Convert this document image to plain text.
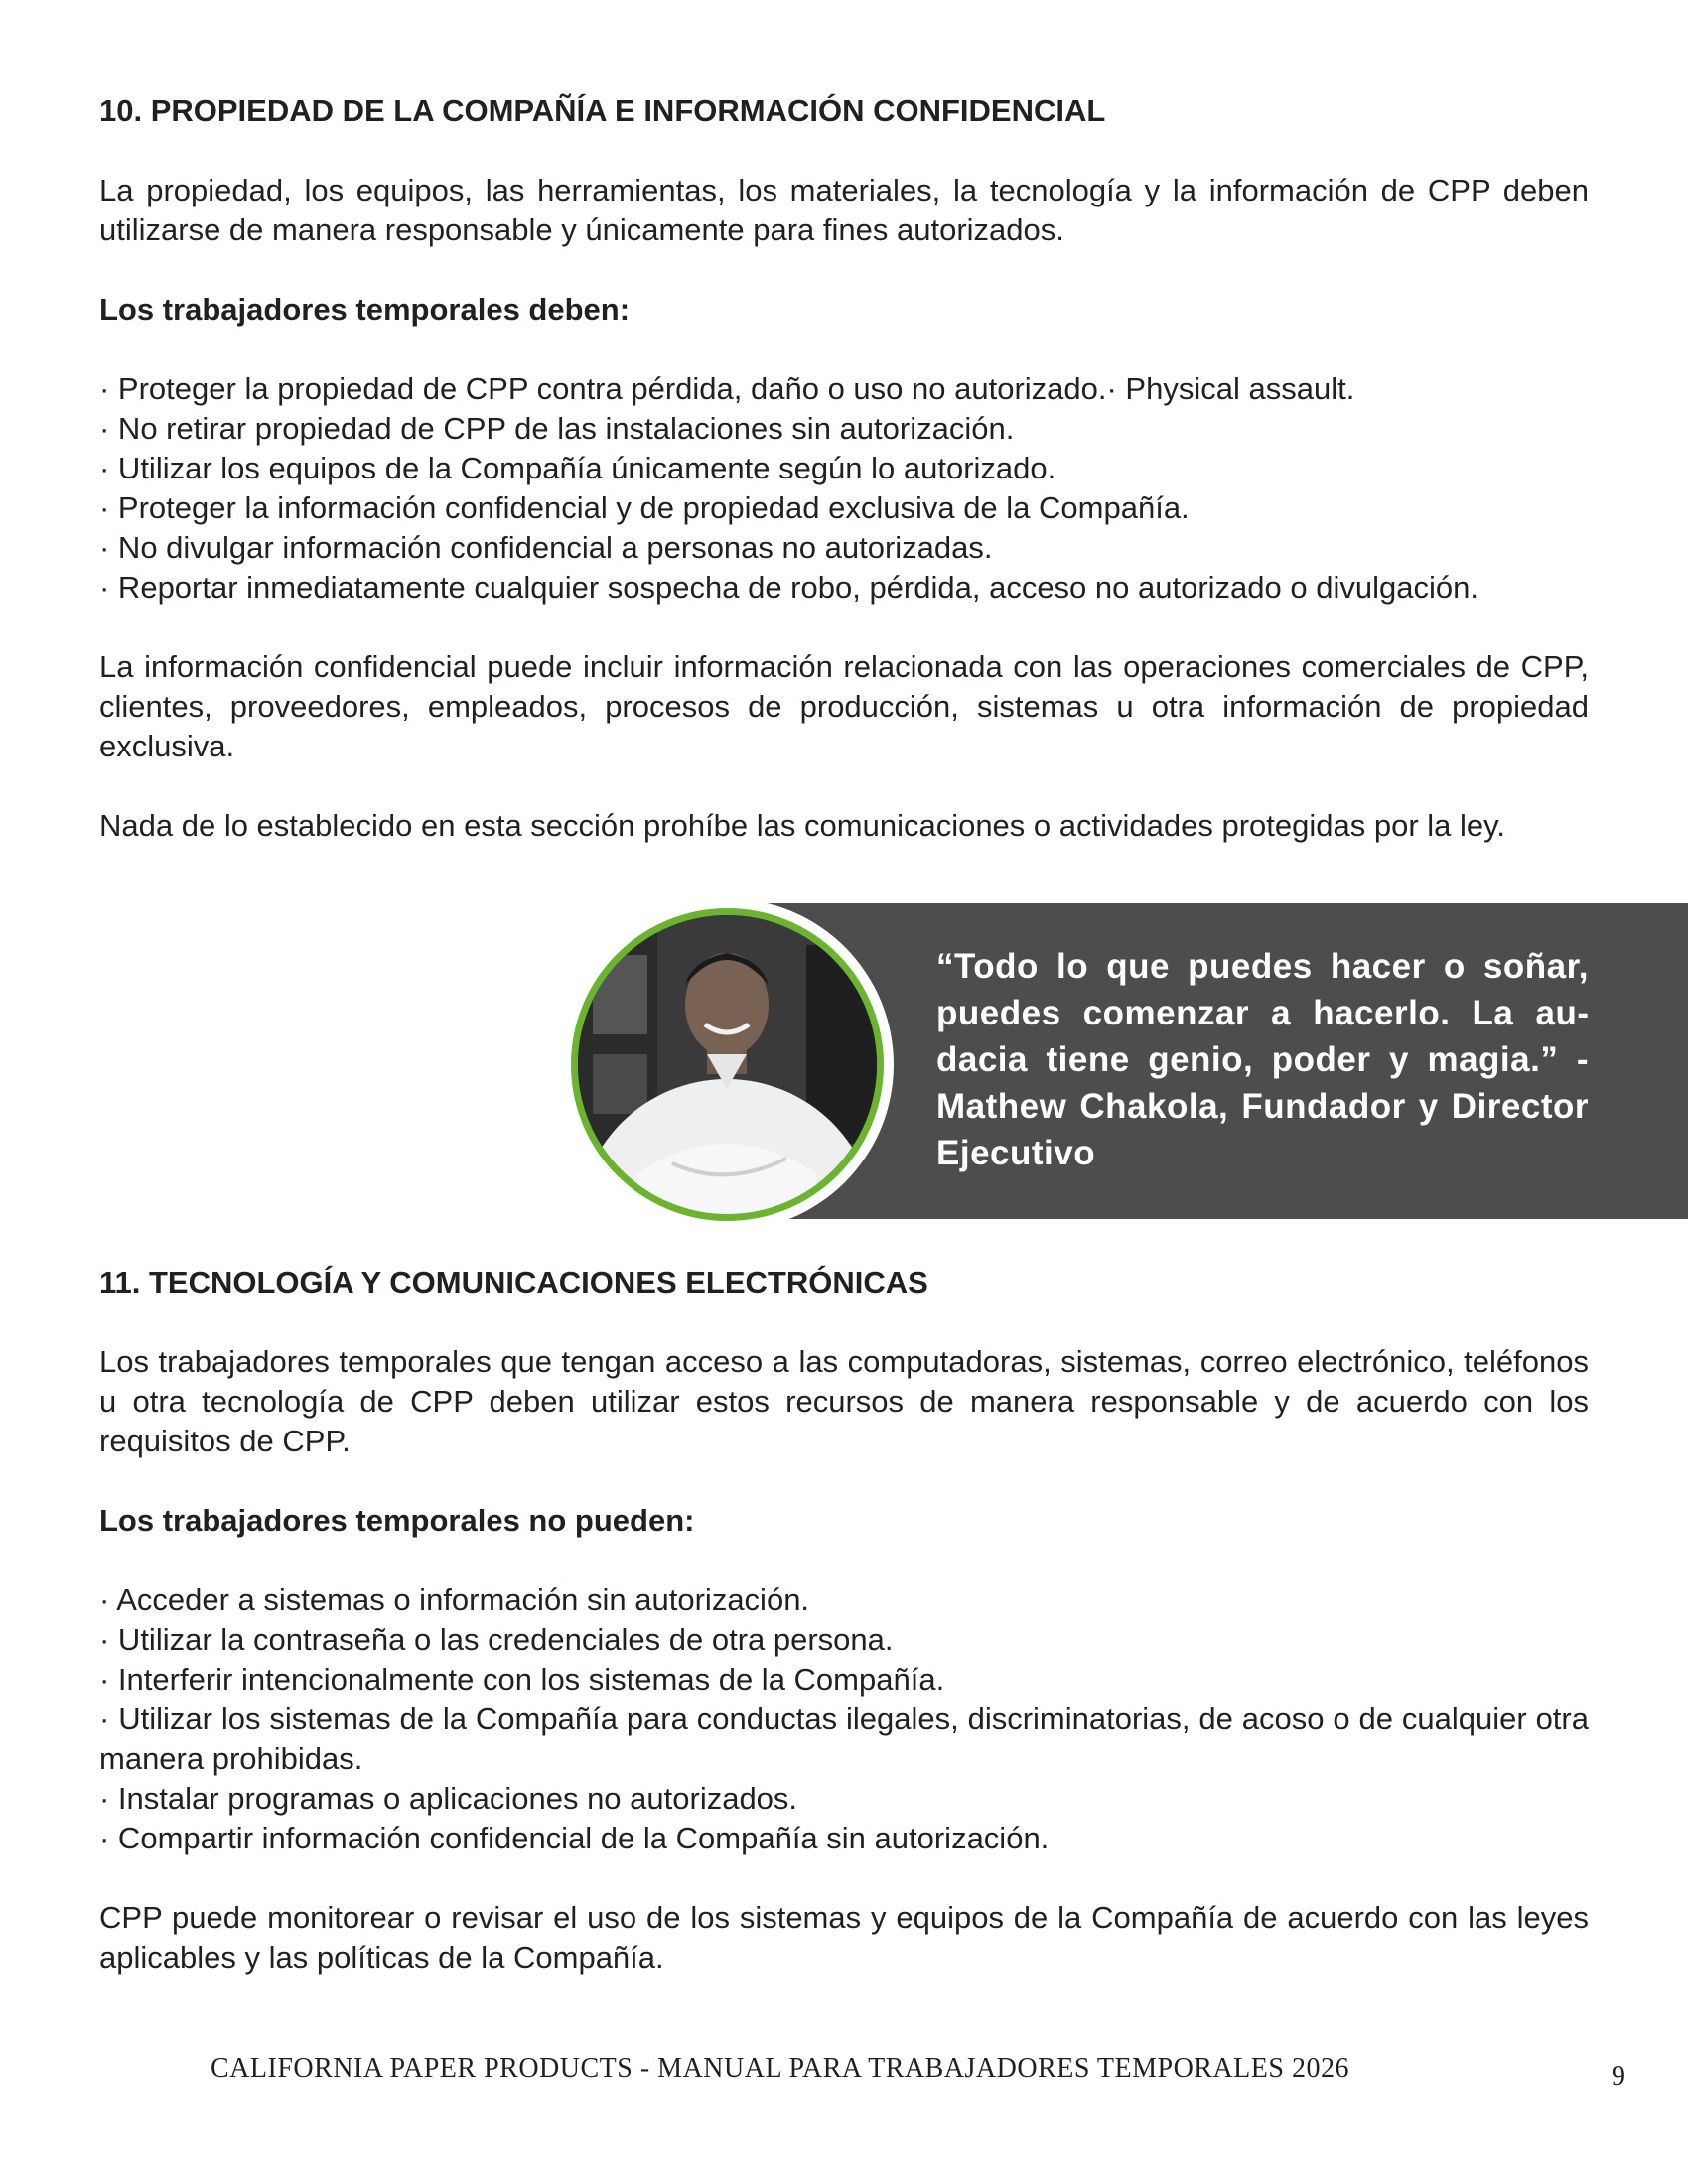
10. PROPIEDAD DE LA COMPAÑÍA E INFORMACIÓN CONFIDENCIAL

La propiedad, los equipos, las herramientas, los materiales, la tecnología y la información de CPP deben utilizarse de manera responsable y únicamente para fines autorizados.

Los trabajadores temporales deben:

· Proteger la propiedad de CPP contra pérdida, daño o uso no autorizado.· Physical assault.
· No retirar propiedad de CPP de las instalaciones sin autorización.
· Utilizar los equipos de la Compañía únicamente según lo autorizado.
· Proteger la información confidencial y de propiedad exclusiva de la Compañía.
· No divulgar información confidencial a personas no autorizadas.
· Reportar inmediatamente cualquier sospecha de robo, pérdida, acceso no autorizado o divulgación.

La información confidencial puede incluir información relacionada con las operaciones comerciales de CPP, clientes, proveedores, empleados, procesos de producción, sistemas u otra información de propiedad exclusiva.

Nada de lo establecido en esta sección prohíbe las comunicaciones o actividades protegidas por la ley.

11. TECNOLOGÍA Y COMUNICACIONES ELECTRÓNICAS

Los trabajadores temporales que tengan acceso a las computadoras, sistemas, correo electrónico, teléfonos u otra tecnología de CPP deben utilizar estos recursos de manera responsable y de acuerdo con los requisitos de CPP.

Los trabajadores temporales no pueden:

· Acceder a sistemas o información sin autorización.
· Utilizar la contraseña o las credenciales de otra persona.
· Interferir intencionalmente con los sistemas de la Compañía.
· Utilizar los sistemas de la Compañía para conductas ilegales, discriminatorias, de acoso o de cualquier otra manera prohibidas.
· Instalar programas o aplicaciones no autorizados.
· Compartir información confidencial de la Compañía sin autorización.

CPP puede monitorear o revisar el uso de los sistemas y equipos de la Compañía de acuerdo con las leyes aplicables y las políticas de la Compañía.

“Todo lo que puedes hacer o soñar, puedes comenzar a hacerlo. La audacia tiene genio, poder y magia.” -Mathew Chakola, Fundador y Director Ejecutivo

CALIFORNIA PAPER PRODUCTS - MANUAL PARA TRABAJADORES TEMPORALES 2026	9
